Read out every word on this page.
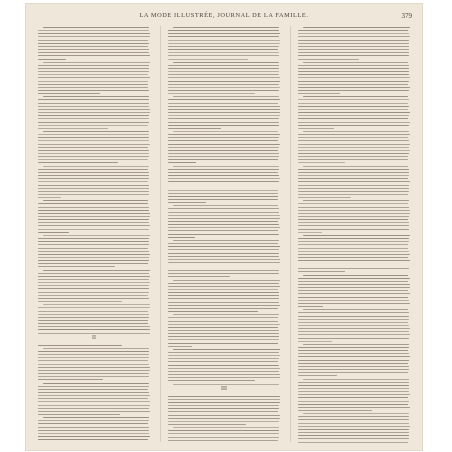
LA MODE ILLUSTRÉE, JOURNAL DE LA FAMILLE.	379
II
III
